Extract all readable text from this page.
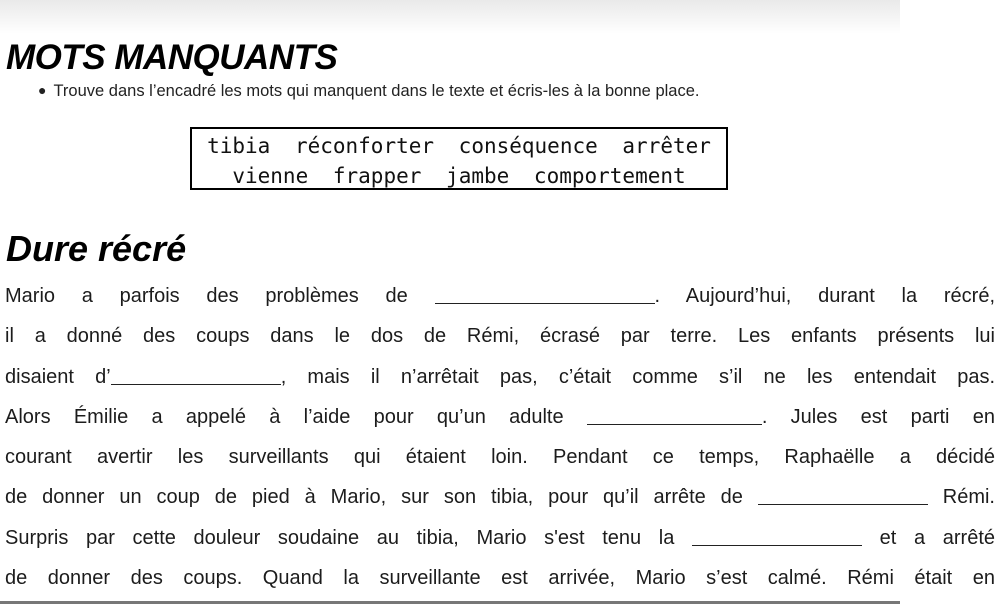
MOTS MANQUANTS
● Trouve dans l’encadré les mots qui manquent dans le texte et écris-les à la bonne place.
tibia réconforter conséquence arrêter
vienne frapper jambe comportement
Dure récré
Mario a parfois des problèmes de	. Aujourd’hui, durant la récré,
il a donné des coups dans le dos de Rémi, écrasé par terre. Les enfants présents lui
disaient d’	, mais il n’arrêtait pas, c’était comme s’il ne les entendait pas.
Alors Émilie a appelé à l’aide pour qu’un adulte	. Jules est parti en
courant avertir les surveillants qui étaient loin. Pendant ce temps, Raphaëlle a décidé
de donner un coup de pied à Mario, sur son tibia, pour qu’il arrête de	Rémi.
Surpris par cette douleur soudaine au tibia, Mario s'est tenu la	et a arrêté
de donner des coups. Quand la surveillante est arrivée, Mario s’est calmé. Rémi était en
